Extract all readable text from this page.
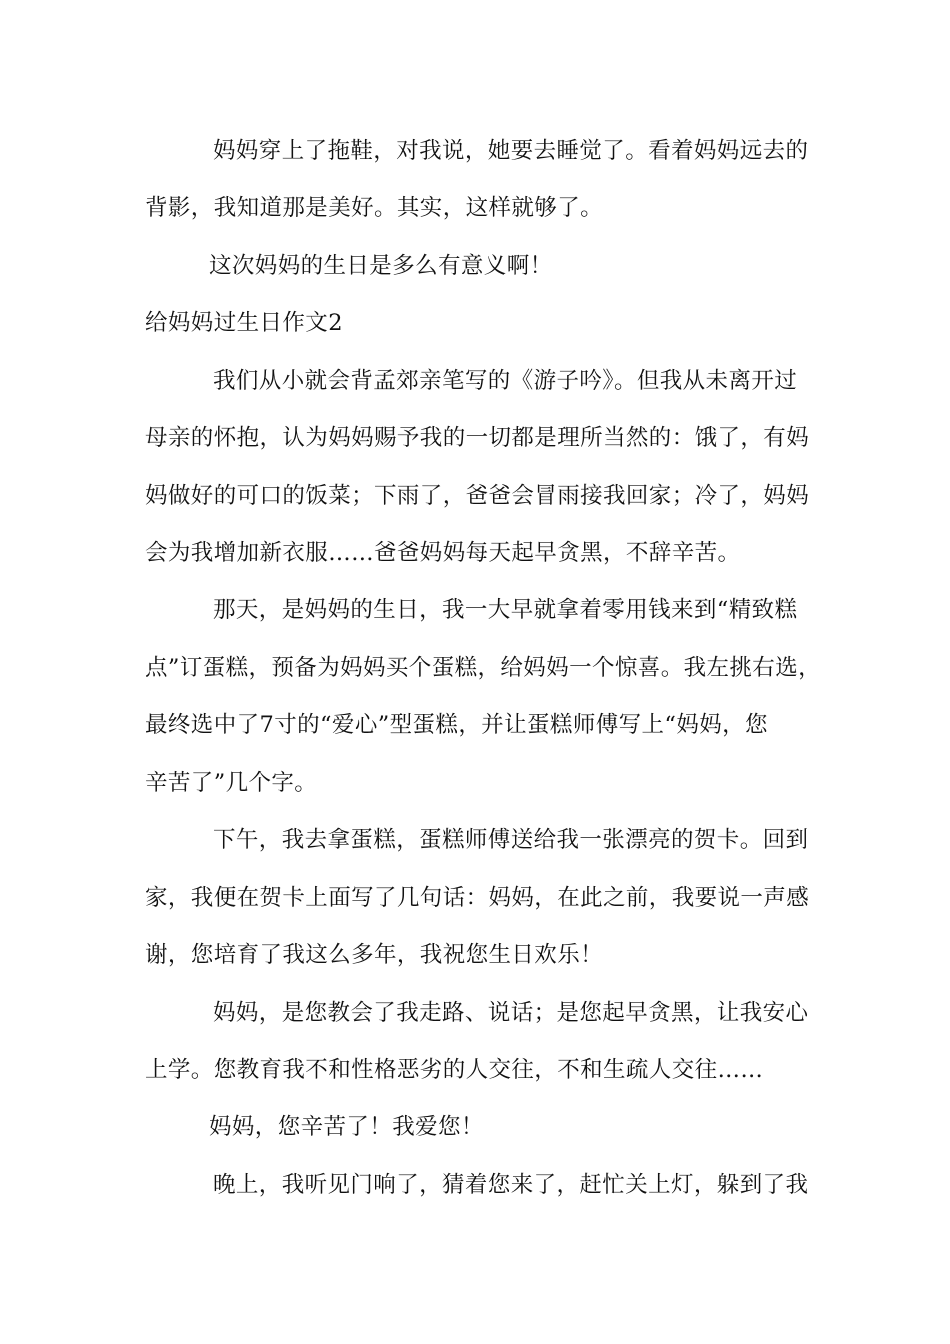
妈妈穿上了拖鞋，对我说，她要去睡觉了。看着妈妈远去的
背影，我知道那是美好。其实，这样就够了。
这次妈妈的生日是多么有意义啊！
给妈妈过生日作文2
我们从小就会背孟郊亲笔写的《游子吟》。但我从未离开过
母亲的怀抱，认为妈妈赐予我的一切都是理所当然的：饿了，有妈
妈做好的可口的饭菜；下雨了，爸爸会冒雨接我回家；冷了，妈妈
会为我增加新衣服……爸爸妈妈每天起早贪黑，不辞辛苦。
那天，是妈妈的生日，我一大早就拿着零用钱来到“精致糕
点”订蛋糕，预备为妈妈买个蛋糕，给妈妈一个惊喜。我左挑右选，
最终选中了7寸的“爱心”型蛋糕，并让蛋糕师傅写上“妈妈，您
辛苦了”几个字。
下午，我去拿蛋糕，蛋糕师傅送给我一张漂亮的贺卡。回到
家，我便在贺卡上面写了几句话：妈妈，在此之前，我要说一声感
谢，您培育了我这么多年，我祝您生日欢乐！
妈妈，是您教会了我走路、说话；是您起早贪黑，让我安心
上学。您教育我不和性格恶劣的人交往，不和生疏人交往……
妈妈，您辛苦了！我爱您！
晚上，我听见门响了，猜着您来了，赶忙关上灯，躲到了我
